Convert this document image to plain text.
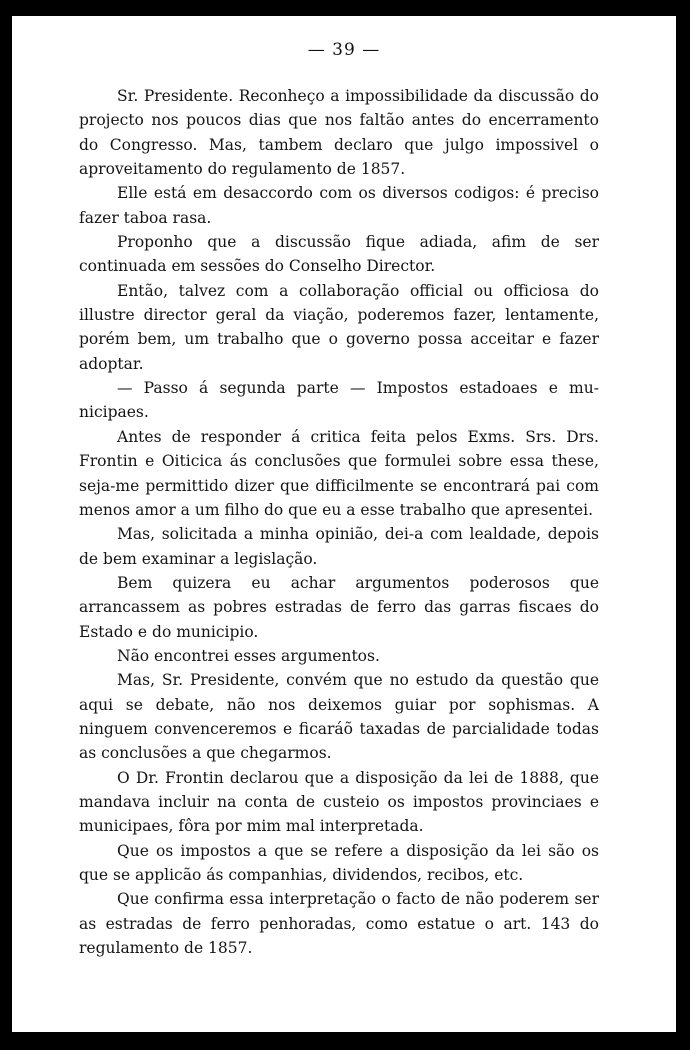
— 39 —

Sr. Presidente. Reconheço a impossibilidade da discussão do projecto nos poucos dias que nos faltão antes do encerramento do Congresso. Mas, tambem declaro que julgo impossivel o aproveitamento do regulamento de 1857.

Elle está em desaccordo com os diversos codigos: é preciso fazer taboa rasa.

Proponho que a discussão fique adiada, afim de ser continuada em sessões do Conselho Director.

Então, talvez com a collaboração official ou officiosa do illustre director geral da viação, poderemos fazer, lentamente, porém bem, um trabalho que o governo possa acceitar e fazer adoptar.

— Passo á segunda parte — Impostos estadoaes e municipaes.

Antes de responder á critica feita pelos Exms. Srs. Drs. Frontin e Oiticica ás conclusões que formulei sobre essa these, seja-me permittido dizer que difficilmente se encontrará pai com menos amor a um filho do que eu a esse trabalho que apresentei.

Mas, solicitada a minha opinião, dei-a com lealdade, depois de bem examinar a legislação.

Bem quizera eu achar argumentos poderosos que arrancassem as pobres estradas de ferro das garras fiscaes do Estado e do municipio.

Não encontrei esses argumentos.

Mas, Sr. Presidente, convém que no estudo da questão que aqui se debate, não nos deixemos guiar por sophismas. A ninguem convenceremos e ficaráõ taxadas de parcialidade todas as conclusões a que chegarmos.

O Dr. Frontin declarou que a disposição da lei de 1888, que mandava incluir na conta de custeio os impostos provinciaes e municipaes, fôra por mim mal interpretada.

Que os impostos a que se refere a disposição da lei são os que se applicão ás companhias, dividendos, recibos, etc.

Que confirma essa interpretação o facto de não poderem ser as estradas de ferro penhoradas, como estatue o art. 143 do regulamento de 1857.
